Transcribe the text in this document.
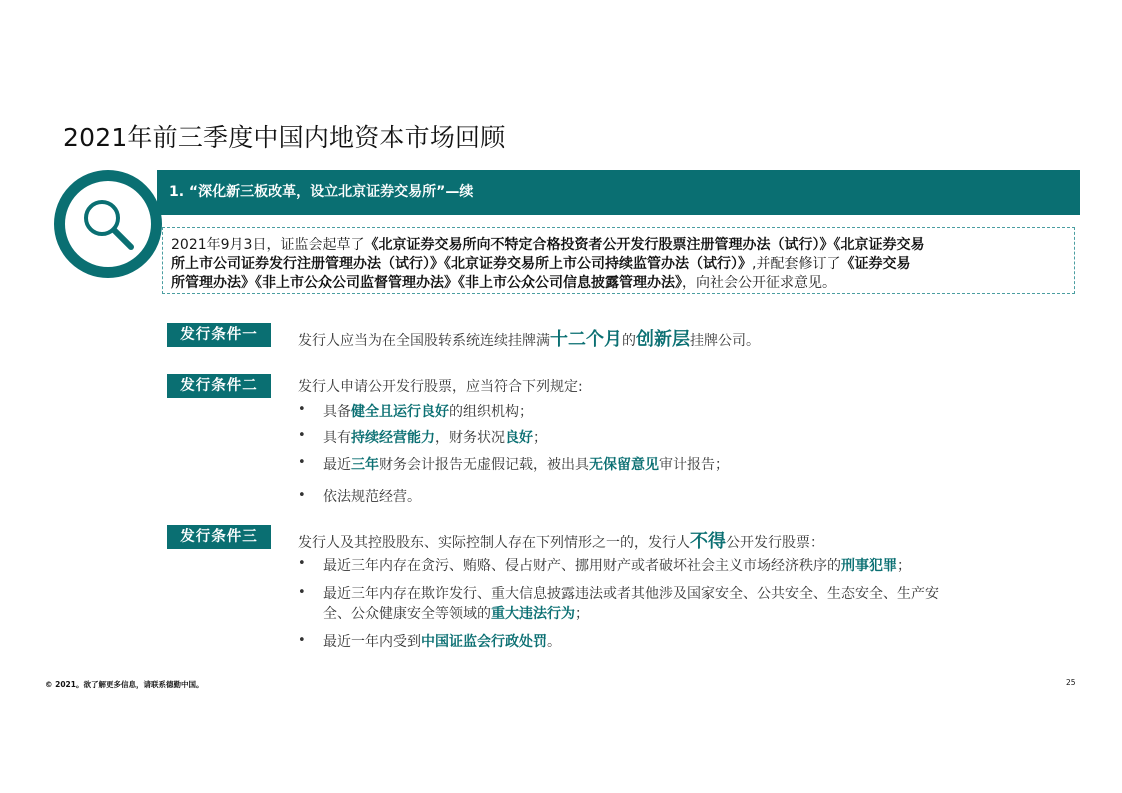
2021年前三季度中国内地资本市场回顾
1. “深化新三板改革，设立北京证券交易所”—续
2021年9月3日，证监会起草了《北京证券交易所向不特定合格投资者公开发行股票注册管理办法（试行）》《北京证券交易
所上市公司证券发行注册管理办法（试行）》《北京证券交易所上市公司持续监管办法（试行）》,并配套修订了《证券交易
所管理办法》《非上市公众公司监督管理办法》《非上市公众公司信息披露管理办法》，向社会公开征求意见。
发行条件一	发行人应当为在全国股转系统连续挂牌满十二个月的创新层挂牌公司。
发行条件二	发行人申请公开发行股票，应当符合下列规定:
• 具备健全且运行良好的组织机构；
• 具有持续经营能力，财务状况良好；
• 最近三年财务会计报告无虚假记载，被出具无保留意见审计报告；
• 依法规范经营。
发行条件三	发行人及其控股股东、实际控制人存在下列情形之一的，发行人不得公开发行股票：
• 最近三年内存在贪污、贿赂、侵占财产、挪用财产或者破坏社会主义市场经济秩序的刑事犯罪；
• 最近三年内存在欺诈发行、重大信息披露违法或者其他涉及国家安全、公共安全、生态安全、生产安
全、公众健康安全等领域的重大违法行为；
• 最近一年内受到中国证监会行政处罚。
© 2021。欲了解更多信息，请联系德勤中国。	25
